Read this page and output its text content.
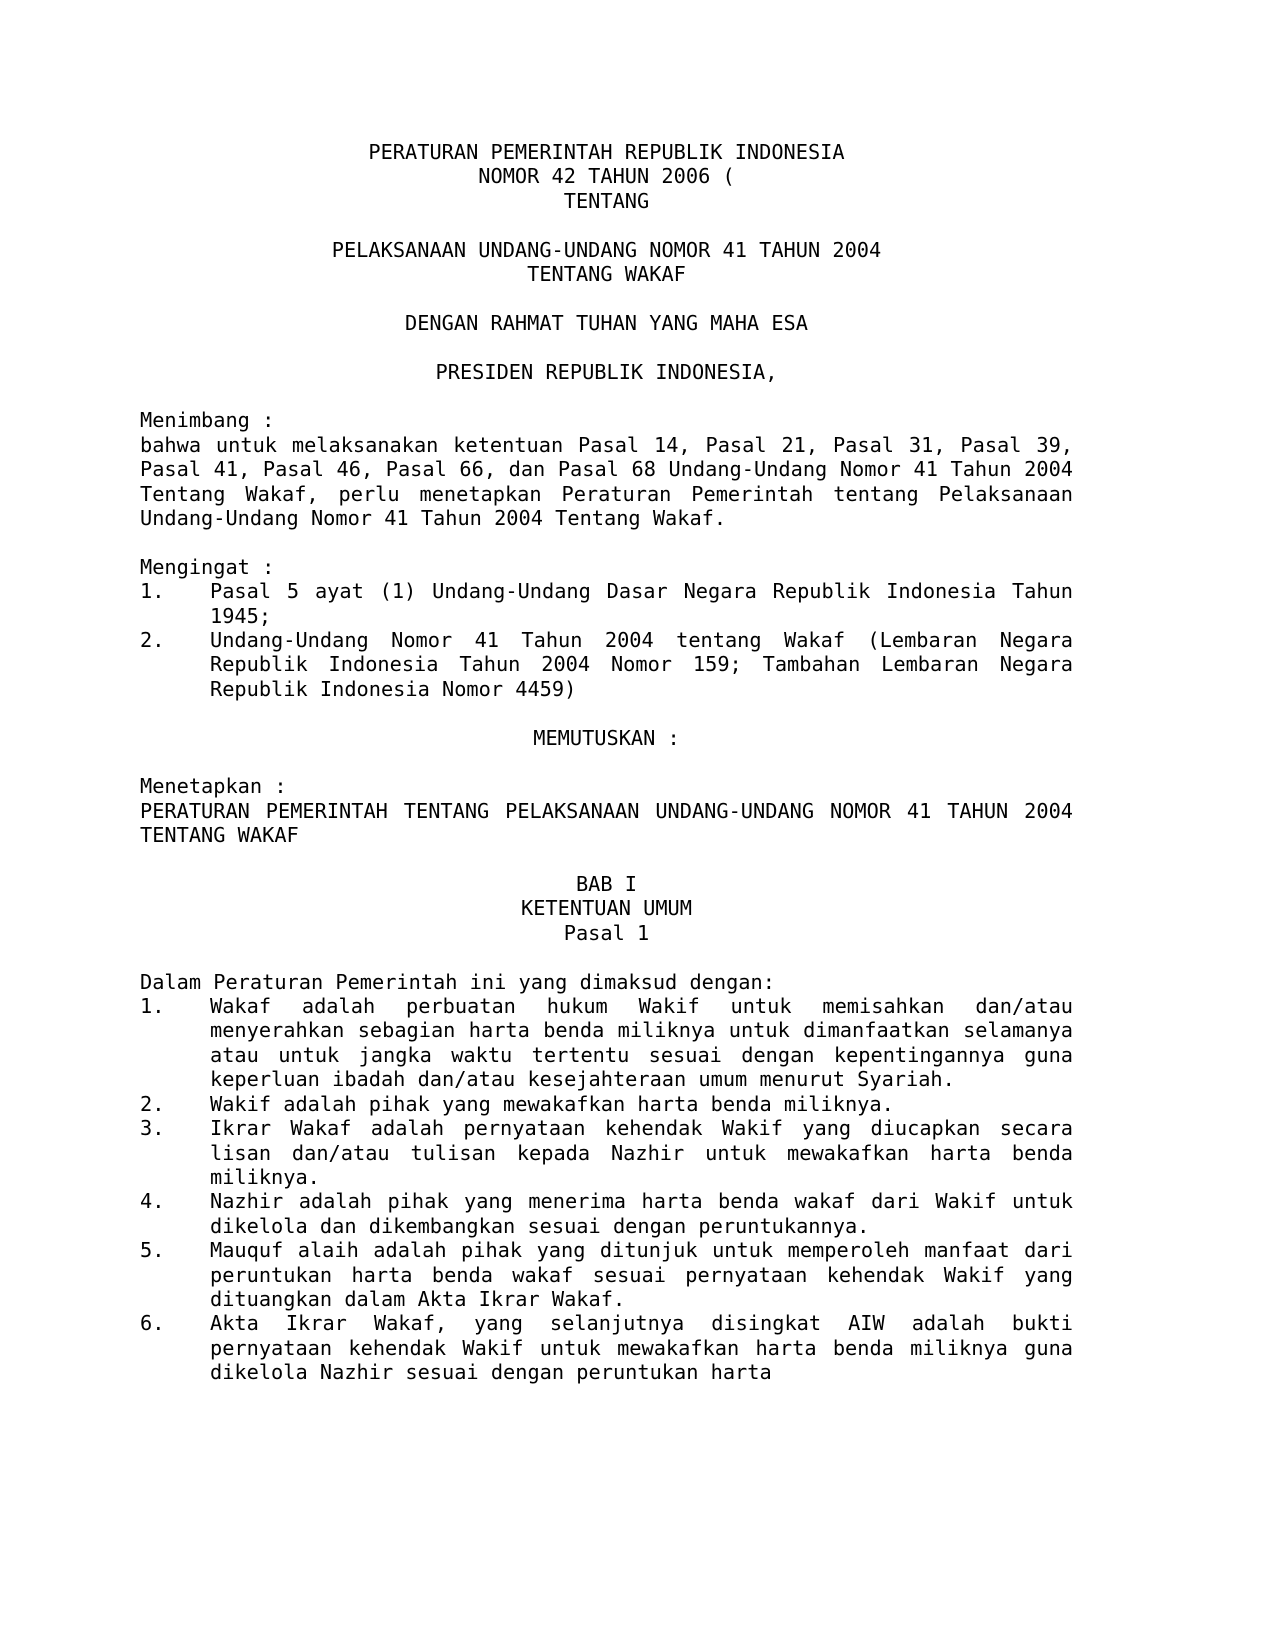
PERATURAN PEMERINTAH REPUBLIK INDONESIA
NOMOR 42 TAHUN 2006 (
TENTANG
PELAKSANAAN UNDANG-UNDANG NOMOR 41 TAHUN 2004
TENTANG WAKAF
DENGAN RAHMAT TUHAN YANG MAHA ESA
PRESIDEN REPUBLIK INDONESIA,
Menimbang :
bahwa untuk melaksanakan ketentuan Pasal 14, Pasal 21, Pasal 31, Pasal 39, Pasal 41, Pasal 46, Pasal 66, dan Pasal 68 Undang-Undang Nomor 41 Tahun 2004 Tentang Wakaf, perlu menetapkan Peraturan Pemerintah tentang Pelaksanaan Undang-Undang Nomor 41 Tahun 2004 Tentang Wakaf.
Mengingat :
1.	Pasal 5 ayat (1) Undang-Undang Dasar Negara Republik Indonesia Tahun 1945;
2.	Undang-Undang Nomor 41 Tahun 2004 tentang Wakaf (Lembaran Negara Republik Indonesia Tahun 2004 Nomor 159; Tambahan Lembaran Negara Republik Indonesia Nomor 4459)
MEMUTUSKAN :
Menetapkan :
PERATURAN PEMERINTAH TENTANG PELAKSANAAN UNDANG-UNDANG NOMOR 41 TAHUN 2004 TENTANG WAKAF
BAB I
KETENTUAN UMUM
Pasal 1
Dalam Peraturan Pemerintah ini yang dimaksud dengan:
1.	Wakaf adalah perbuatan hukum Wakif untuk memisahkan dan/atau menyerahkan sebagian harta benda miliknya untuk dimanfaatkan selamanya atau untuk jangka waktu tertentu sesuai dengan kepentingannya guna keperluan ibadah dan/atau kesejahteraan umum menurut Syariah.
2.	Wakif adalah pihak yang mewakafkan harta benda miliknya.
3.	Ikrar Wakaf adalah pernyataan kehendak Wakif yang diucapkan secara lisan dan/atau tulisan kepada Nazhir untuk mewakafkan harta benda miliknya.
4.	Nazhir adalah pihak yang menerima harta benda wakaf dari Wakif untuk dikelola dan dikembangkan sesuai dengan peruntukannya.
5.	Mauquf alaih adalah pihak yang ditunjuk untuk memperoleh manfaat dari peruntukan harta benda wakaf sesuai pernyataan kehendak Wakif yang dituangkan dalam Akta Ikrar Wakaf.
6.	Akta Ikrar Wakaf, yang selanjutnya disingkat AIW adalah bukti pernyataan kehendak Wakif untuk mewakafkan harta benda miliknya guna dikelola Nazhir sesuai dengan peruntukan harta
